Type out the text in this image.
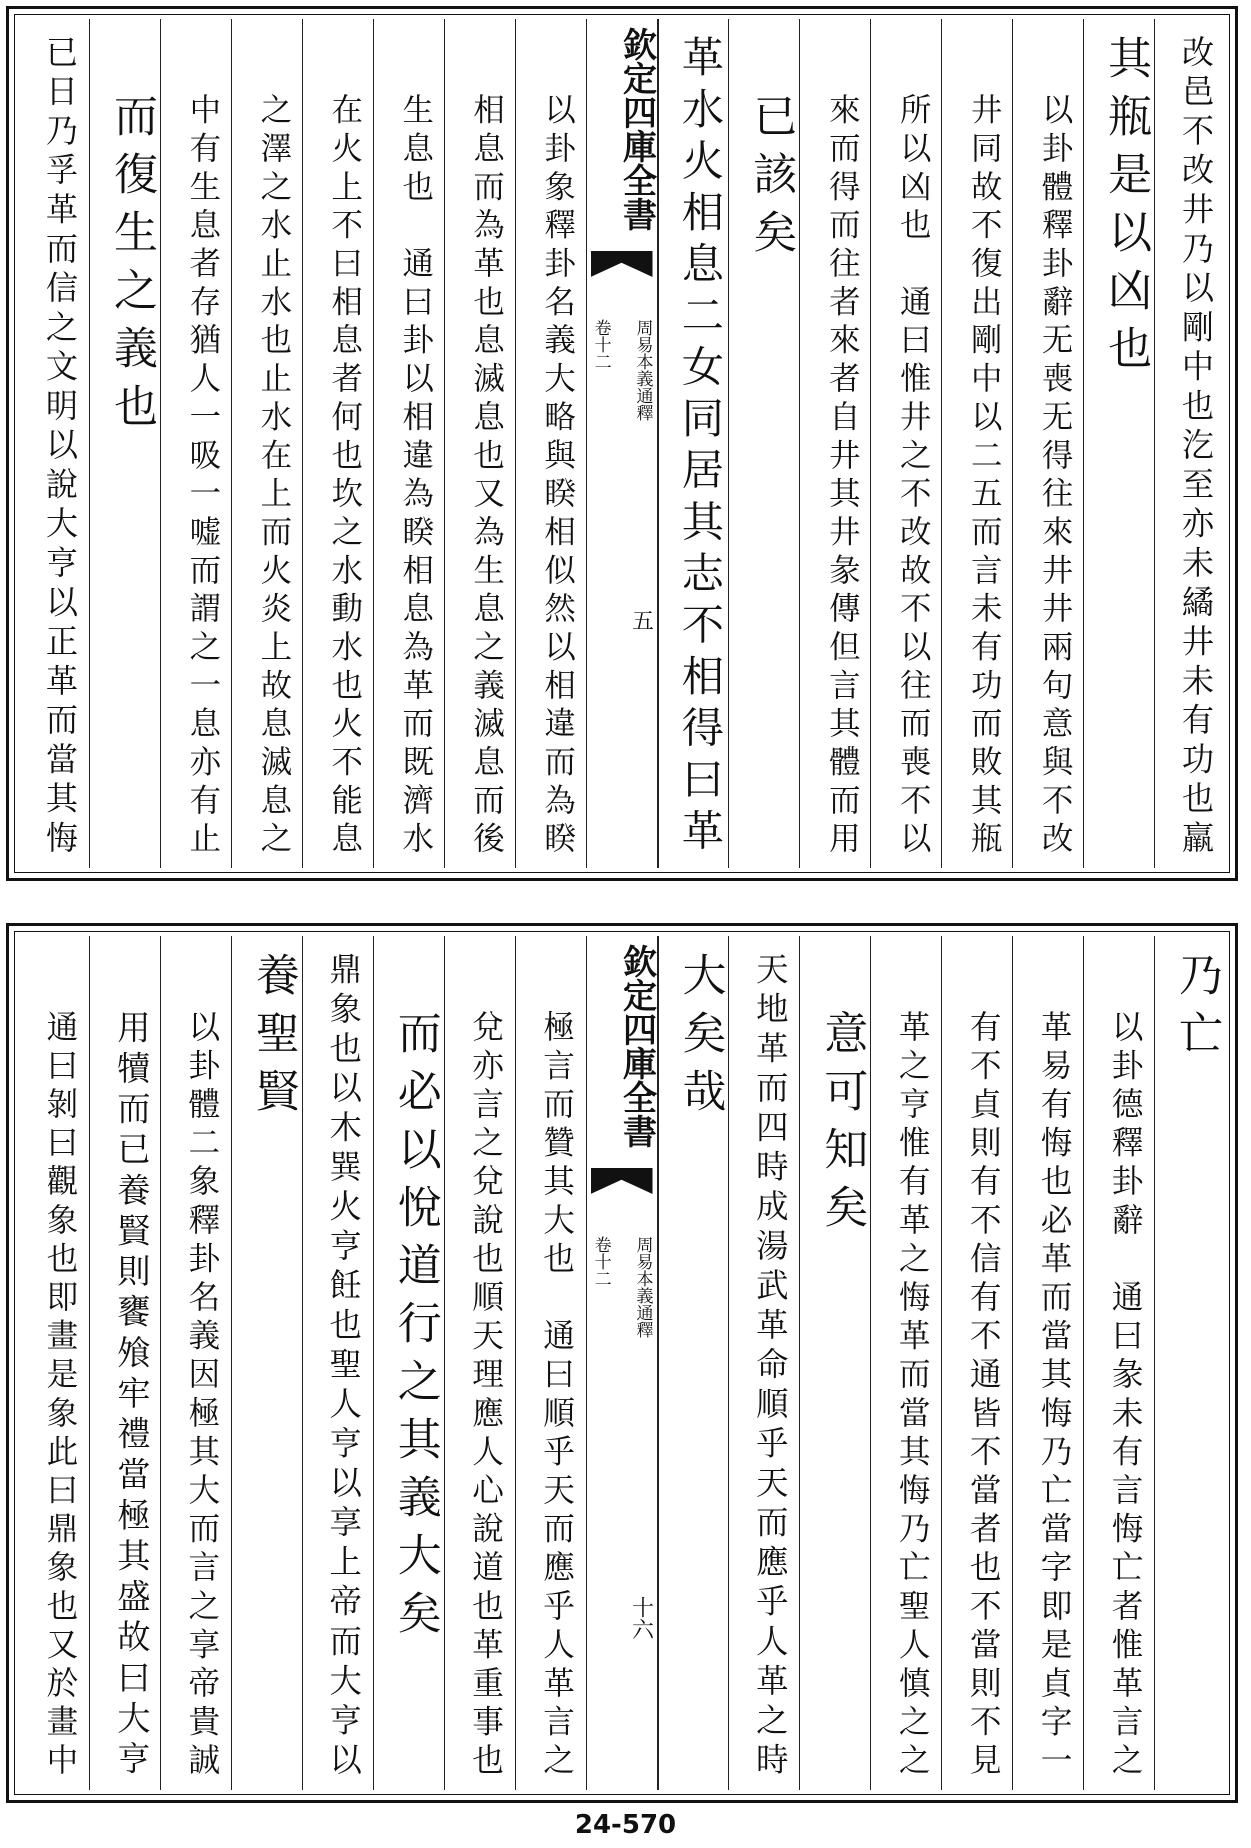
改邑不改井乃以剛中也汔至亦未繘井未有功也羸
其瓶是以凶也
以卦體釋卦辭无喪无得往來井井兩句意與不改
井同故不復出剛中以二五而言未有功而敗其瓶
所以凶也　通曰惟井之不改故不以往而喪不以
來而得而往者來者自井其井彖傳但言其體而用
已該矣
革水火相息二女同居其志不相得曰革
欽定四庫全書
周易本義通釋
卷十二
五
以卦象釋卦名義大略與睽相似然以相違而為睽
相息而為革也息滅息也又為生息之義滅息而後
生息也　通曰卦以相違為睽相息為革而既濟水
在火上不曰相息者何也坎之水動水也火不能息
之澤之水止水也止水在上而火炎上故息滅息之
中有生息者存猶人一吸一嘘而謂之一息亦有止
而復生之義也
已日乃孚革而信之文明以說大亨以正革而當其悔
乃亡
以卦德釋卦辭　通曰彖未有言悔亡者惟革言之
革易有悔也必革而當其悔乃亡當字即是貞字一
有不貞則有不信有不通皆不當者也不當則不見
革之亨惟有革之悔革而當其悔乃亡聖人慎之之
意可知矣
天地革而四時成湯武革命順乎天而應乎人革之時
大矣哉
欽定四庫全書
周易本義通釋
卷十二
十六
極言而贊其大也　通曰順乎天而應乎人革言之
兌亦言之兌說也順天理應人心說道也革重事也
而必以悅道行之其義大矣
鼎象也以木巽火亨飪也聖人亨以享上帝而大亨以
養聖賢
以卦體二象釋卦名義因極其大而言之享帝貴誠
用犢而已養賢則饔飧牢禮當極其盛故曰大亨
通曰剝曰觀象也即畫是象此曰鼎象也又於畫中
24-570
